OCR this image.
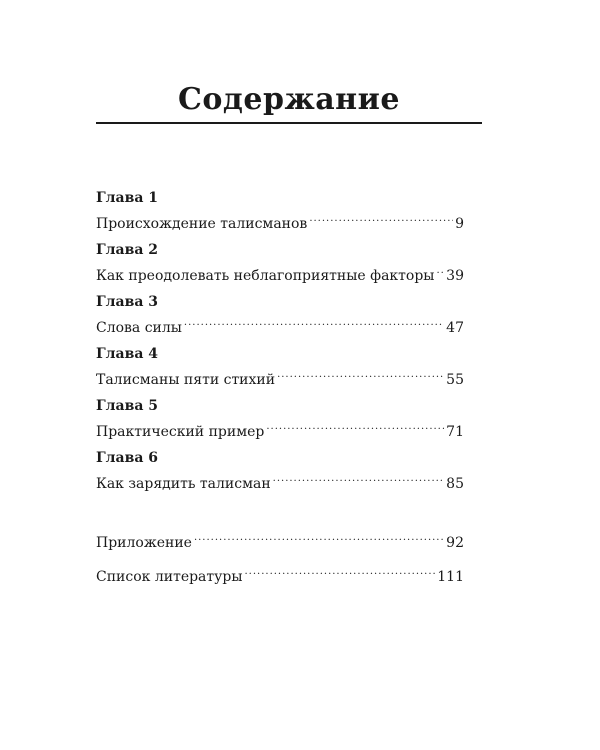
Содержание
Глава 1
Происхождение талисманов .....	9
Глава 2
Как преодолевать неблагоприятные факторы ..... 39
Глава 3
Слова силы .....	47
Глава 4
Талисманы пяти стихий .....	55
Глава 5
Практический пример .....	71
Глава 6
Как зарядить талисман .....	85
Приложение .....	92
Список литературы .....	111
